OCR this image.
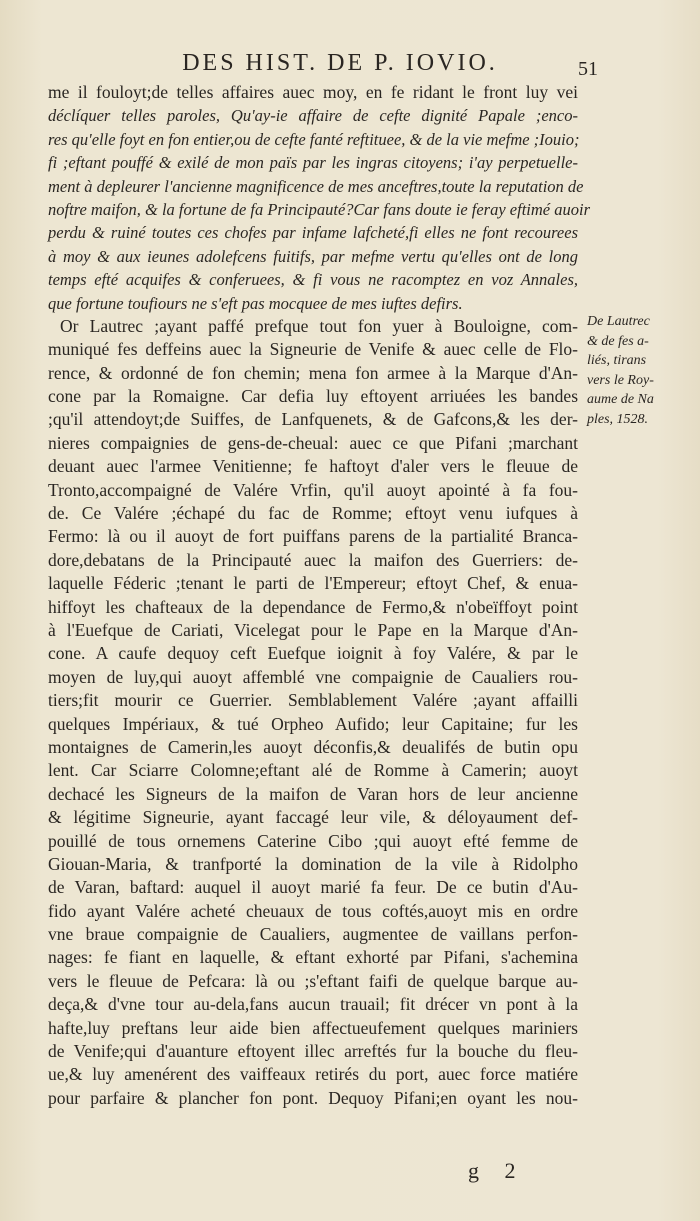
DES HIST. DE P. IOVIO.	51
me il fouloyt;de telles affaires auec moy, en fe ridant le front luy vei
déclíquer telles paroles, Qu'ay-ie affaire de cefte dignité Papale ;enco-
res qu'elle foyt en fon entier,ou de cefte fanté reftituee, & de la vie mefme ;Iouio;
fi ;eftant pouffé & exilé de mon païs par les ingras citoyens; i'ay perpetuelle-
ment à depleurer l'ancienne magnificence de mes anceftres,toute la reputation de
noftre maifon, & la fortune de fa Principauté?Car fans doute ie feray eftimé auoir
perdu & ruiné toutes ces chofes par infame lafcheté,fi elles ne font recourees
à moy & aux ieunes adolefcens fuitifs, par mefme vertu qu'elles ont de long
temps efté acquifes & conferuees, & fi vous ne racomptez en voz Annales,
que fortune toufiours ne s'eft pas mocquee de mes iuftes defirs.
Or Lautrec ;ayant paffé prefque tout fon yuer à Bouloigne, com-
muniqué fes deffeins auec la Signeurie de Venife & auec celle de Flo-
rence, & ordonné de fon chemin; mena fon armee à la Marque d'An-
cone par la Romaigne. Car defia luy eftoyent arriuées les bandes
;qu'il attendoyt;de Suiffes, de Lanfquenets, & de Gafcons,& les der-
nieres compaignies de gens-de-cheual: auec ce que Pifani ;marchant
deuant auec l'armee Venitienne; fe haftoyt d'aler vers le fleuue de
Tronto,accompaigné de Valére Vrfin, qu'il auoyt apointé à fa fou-
de. Ce Valére ;échapé du fac de Romme; eftoyt venu iufques à
Fermo: là ou il auoyt de fort puiffans parens de la partialité Branca-
dore,debatans de la Principauté auec la maifon des Guerriers: de-
laquelle Féderic ;tenant le parti de l'Empereur; eftoyt Chef, & enua-
hiffoyt les chafteaux de la dependance de Fermo,& n'obeïffoyt point
à l'Euefque de Cariati, Vicelegat pour le Pape en la Marque d'An-
cone. A caufe dequoy ceft Euefque ioignit à foy Valére, & par le
moyen de luy,qui auoyt affemblé vne compaignie de Caualiers rou-
tiers;fit mourir ce Guerrier. Semblablement Valére ;ayant affailli
quelques Impériaux, & tué Orpheo Aufido; leur Capitaine; fur les
montaignes de Camerin,les auoyt déconfis,& deualifés de butin opu
lent. Car Sciarre Colomne;eftant alé de Romme à Camerin; auoyt
dechacé les Signeurs de la maifon de Varan hors de leur ancienne
& légitime Signeurie, ayant faccagé leur vile, & déloyaument def-
pouillé de tous ornemens Caterine Cibo ;qui auoyt efté femme de
Giouan-Maria, & tranfporté la domination de la vile à Ridolpho
de Varan, baftard: auquel il auoyt marié fa feur. De ce butin d'Au-
fido ayant Valére acheté cheuaux de tous coftés,auoyt mis en ordre
vne braue compaignie de Caualiers, augmentee de vaillans perfon-
nages: fe fiant en laquelle, & eftant exhorté par Pifani, s'achemina
vers le fleuue de Pefcara: là ou ;s'eftant faifi de quelque barque au-
deça,& d'vne tour au-dela,fans aucun trauail; fit drécer vn pont à la
hafte,luy preftans leur aide bien affectueufement quelques mariniers
de Venife;qui d'auanture eftoyent illec arreftés fur la bouche du fleu-
ue,& luy amenérent des vaiffeaux retirés du port, auec force matiére
pour parfaire & plancher fon pont. Dequoy Pifani;en oyant les nou-
De Lautrec
& de fes a-
liés, tirans
vers le Roy-
aume de Na
ples, 1528.
g 2
